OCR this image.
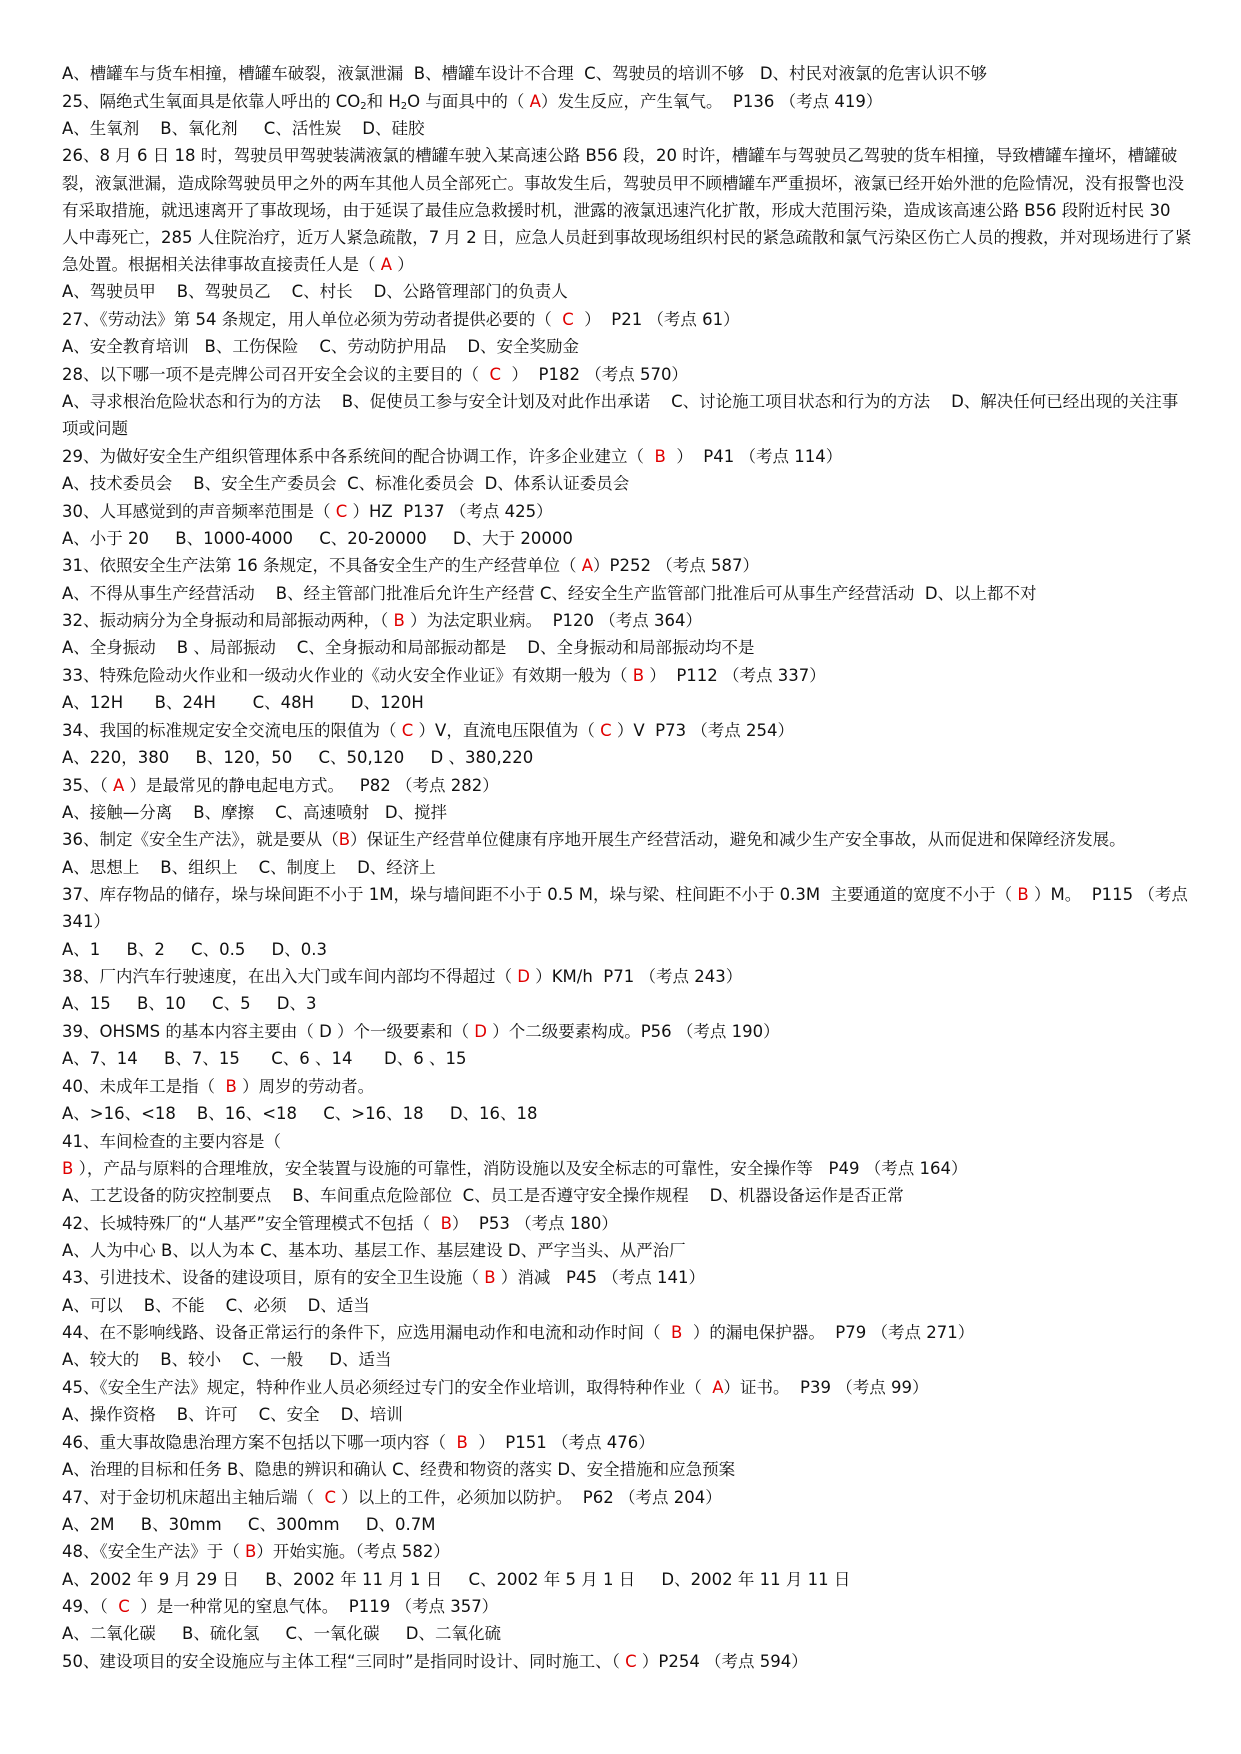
A、槽罐车与货车相撞，槽罐车破裂，液氯泄漏  B、槽罐车设计不合理  C、驾驶员的培训不够   D、村民对液氯的危害认识不够
25、隔绝式生氧面具是依靠人呼出的 $CO_2$和 $H_2O$ 与面具中的（ A）发生反应，产生氧气。  P136 （考点 419）
A、生氧剂    B、氧化剂     C、活性炭    D、硅胶
26、8 月 6 日 18 时，驾驶员甲驾驶装满液氯的槽罐车驶入某高速公路 B56 段，20 时许，槽罐车与驾驶员乙驾驶的货车相撞，导致槽罐车撞坏，槽罐破裂，液氯泄漏，造成除驾驶员甲之外的两车其他人员全部死亡。事故发生后，驾驶员甲不顾槽罐车严重损坏，液氯已经开始外泄的危险情况，没有报警也没有采取措施，就迅速离开了事故现场，由于延误了最佳应急救援时机，泄露的液氯迅速汽化扩散，形成大范围污染，造成该高速公路 B56 段附近村民 30 人中毒死亡，285 人住院治疗，近万人紧急疏散，7 月 2 日，应急人员赶到事故现场组织村民的紧急疏散和氯气污染区伤亡人员的搜救，并对现场进行了紧急处置。根据相关法律事故直接责任人是（ A ）
A、驾驶员甲    B、驾驶员乙    C、村长    D、公路管理部门的负责人
27、《劳动法》第 54 条规定，用人单位必须为劳动者提供必要的（  C  ）  P21 （考点 61）
A、安全教育培训   B、工伤保险    C、劳动防护用品    D、安全奖励金
28、以下哪一项不是壳牌公司召开安全会议的主要目的（  C  ）  P182 （考点 570）
A、寻求根治危险状态和行为的方法    B、促使员工参与安全计划及对此作出承诺    C、讨论施工项目状态和行为的方法    D、解决任何已经出现的关注事项或问题
29、为做好安全生产组织管理体系中各系统间的配合协调工作，许多企业建立（  B  ）  P41 （考点 114）
A、技术委员会    B、安全生产委员会  C、标准化委员会  D、体系认证委员会
30、人耳感觉到的声音频率范围是（ C ）HZ  P137 （考点 425）
A、小于 20     B、1000-4000     C、20-20000     D、大于 20000
31、依照安全生产法第 16 条规定，不具备安全生产的生产经营单位（ A）P252 （考点 587）
A、不得从事生产经营活动    B、经主管部门批准后允许生产经营 C、经安全生产监管部门批准后可从事生产经营活动  D、以上都不对
32、振动病分为全身振动和局部振动两种，（ B ）为法定职业病。  P120 （考点 364）
A、全身振动    B 、局部振动    C、全身振动和局部振动都是    D、全身振动和局部振动均不是
33、特殊危险动火作业和一级动火作业的《动火安全作业证》有效期一般为（ B ）  P112 （考点 337）
A、12H      B、24H       C、48H       D、120H
34、我国的标准规定安全交流电压的限值为（ C ）V，直流电压限值为（ C ）V  P73 （考点 254）
A、220，380     B、120，50     C、50,120     D 、380,220
35、（ A ）是最常见的静电起电方式。   P82 （考点 282）
A、接触—分离    B、摩擦    C、高速喷射   D、搅拌
36、制定《安全生产法》，就是要从（B）保证生产经营单位健康有序地开展生产经营活动，避免和减少生产安全事故，从而促进和保障经济发展。
A、思想上    B、组织上    C、制度上    D、经济上
37、库存物品的储存，垛与垛间距不小于 1M，垛与墙间距不小于 0.5 M，垛与梁、柱间距不小于 0.3M  主要通道的宽度不小于（ B ）M。  P115 （考点 341）
A、1     B、2     C、0.5     D、0.3
38、厂内汽车行驶速度，在出入大门或车间内部均不得超过（ D ）KM/h  P71 （考点 243）
A、15     B、10     C、5     D、3
39、OHSMS 的基本内容主要由（ D ）个一级要素和（ D ）个二级要素构成。P56 （考点 190）
A、7、14     B、7、15      C、6 、14      D、6 、15
40、未成年工是指（  B ）周岁的劳动者。
A、>16、<18    B、16、<18     C、>16、18     D、16、18
41、车间检查的主要内容是（  B ），产品与原料的合理堆放，安全装置与设施的可靠性，消防设施以及安全标志的可靠性，安全操作等   P49 （考点 164）
A、工艺设备的防灾控制要点    B、车间重点危险部位  C、员工是否遵守安全操作规程    D、机器设备运作是否正常
42、长城特殊厂的“人基严”安全管理模式不包括（  B）  P53 （考点 180）
A、人为中心 B、以人为本 C、基本功、基层工作、基层建设 D、严字当头、从严治厂
43、引进技术、设备的建设项目，原有的安全卫生设施（ B ）消减   P45 （考点 141）
A、可以    B、不能    C、必须    D、适当
44、在不影响线路、设备正常运行的条件下，应选用漏电动作和电流和动作时间（  B  ）的漏电保护器。  P79 （考点 271）
A、较大的    B、较小    C、一般     D、适当
45、《安全生产法》规定，特种作业人员必须经过专门的安全作业培训，取得特种作业（  A）证书。  P39 （考点 99）
A、操作资格    B、许可    C、安全    D、培训
46、重大事故隐患治理方案不包括以下哪一项内容（  B  ）  P151 （考点 476）
A、治理的目标和任务 B、隐患的辨识和确认 C、经费和物资的落实 D、安全措施和应急预案
47、对于金切机床超出主轴后端（  C ）以上的工件，必须加以防护。  P62 （考点 204）
A、2M     B、30mm     C、300mm     D、0.7M
48、《安全生产法》于（ B）开始实施。（考点 582）
A、2002 年 9 月 29 日     B、2002 年 11 月 1 日     C、2002 年 5 月 1 日     D、2002 年 11 月 11 日
49、（  C  ）是一种常见的窒息气体。  P119 （考点 357）
A、二氧化碳     B、硫化氢     C、一氧化碳     D、二氧化硫
50、建设项目的安全设施应与主体工程“三同时”是指同时设计、同时施工、（ C ）P254 （考点 594）
